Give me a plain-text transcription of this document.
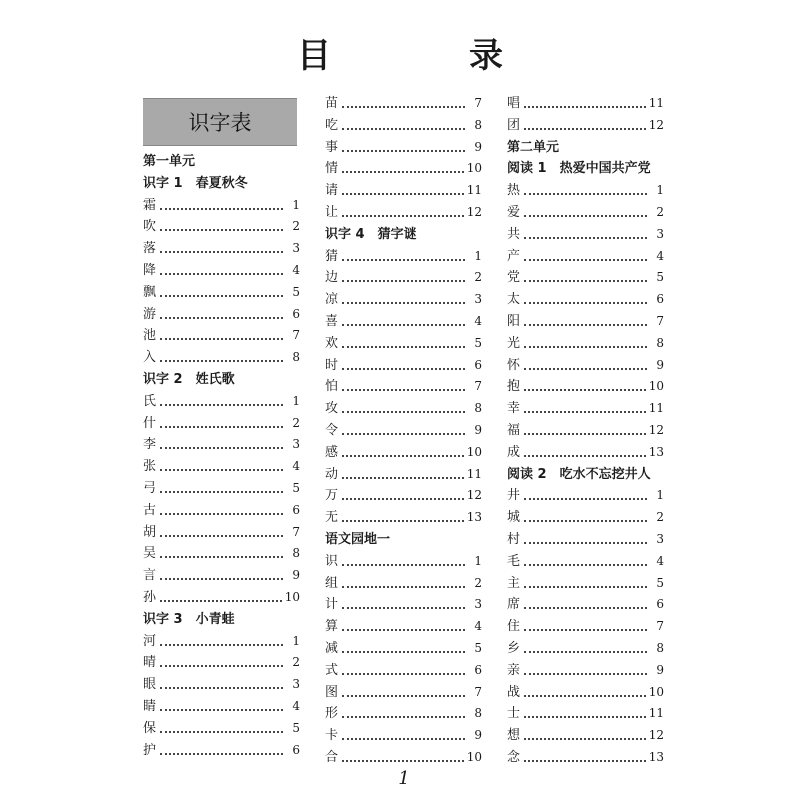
目　录
识字表
第一单元
识字 1　春夏秋冬
霜	1
吹	2
落	3
降	4
飘	5
游	6
池	7
入	8
识字 2　姓氏歌
氏	1
什	2
李	3
张	4
弓	5
古	6
胡	7
吴	8
言	9
孙	10
识字 3　小青蛙
河	1
晴	2
眼	3
睛	4
保	5
护	6
苗	7
吃	8
事	9
情	10
请	11
让	12
识字 4　猜字谜
猜	1
边	2
凉	3
喜	4
欢	5
时	6
怕	7
攻	8
令	9
感	10
动	11
万	12
无	13
语文园地一
识	1
组	2
计	3
算	4
减	5
式	6
图	7
形	8
卡	9
合	10
唱	11
团	12
第二单元
阅读 1　热爱中国共产党
热	1
爱	2
共	3
产	4
党	5
太	6
阳	7
光	8
怀	9
抱	10
幸	11
福	12
成	13
阅读 2　吃水不忘挖井人
井	1
城	2
村	3
毛	4
主	5
席	6
住	7
乡	8
亲	9
战	10
士	11
想	12
念	13
1
